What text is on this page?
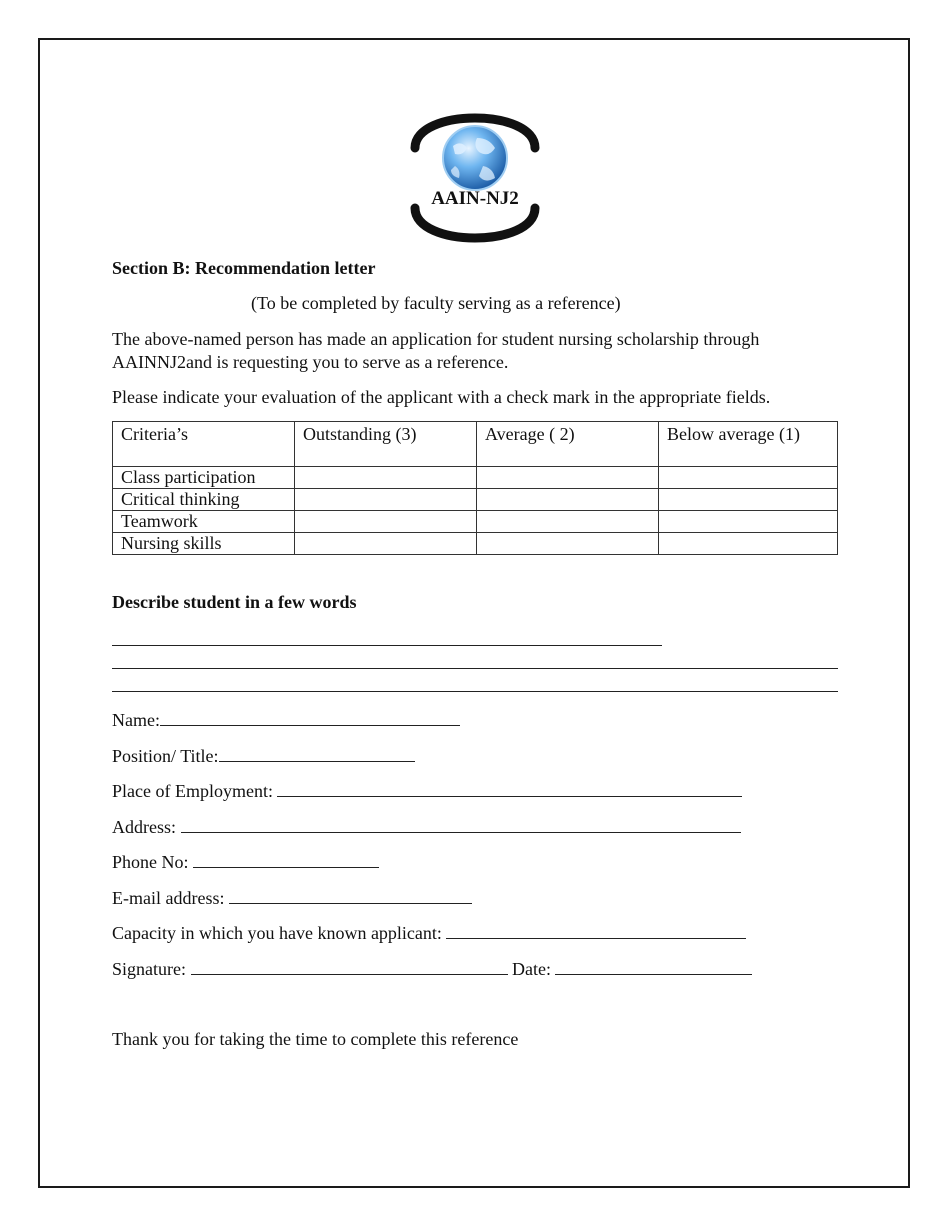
AAIN-NJ2
Section B: Recommendation letter
(To be completed by faculty serving as a reference)
The above-named person has made an application for student nursing scholarship through
AAINNJ2and is requesting you to serve as a reference.
Please indicate your evaluation of the applicant with a check mark in the appropriate fields.
Criteria’s	Outstanding (3)	Average ( 2)	Below average (1)
Class participation			
Critical thinking			
Teamwork			
Nursing skills			
Describe student in a few words
Name:
Position/ Title:
Place of Employment:
Address:
Phone No:
E-mail address:
Capacity in which you have known applicant:
Signature:	Date:
Thank you for taking the time to complete this reference
